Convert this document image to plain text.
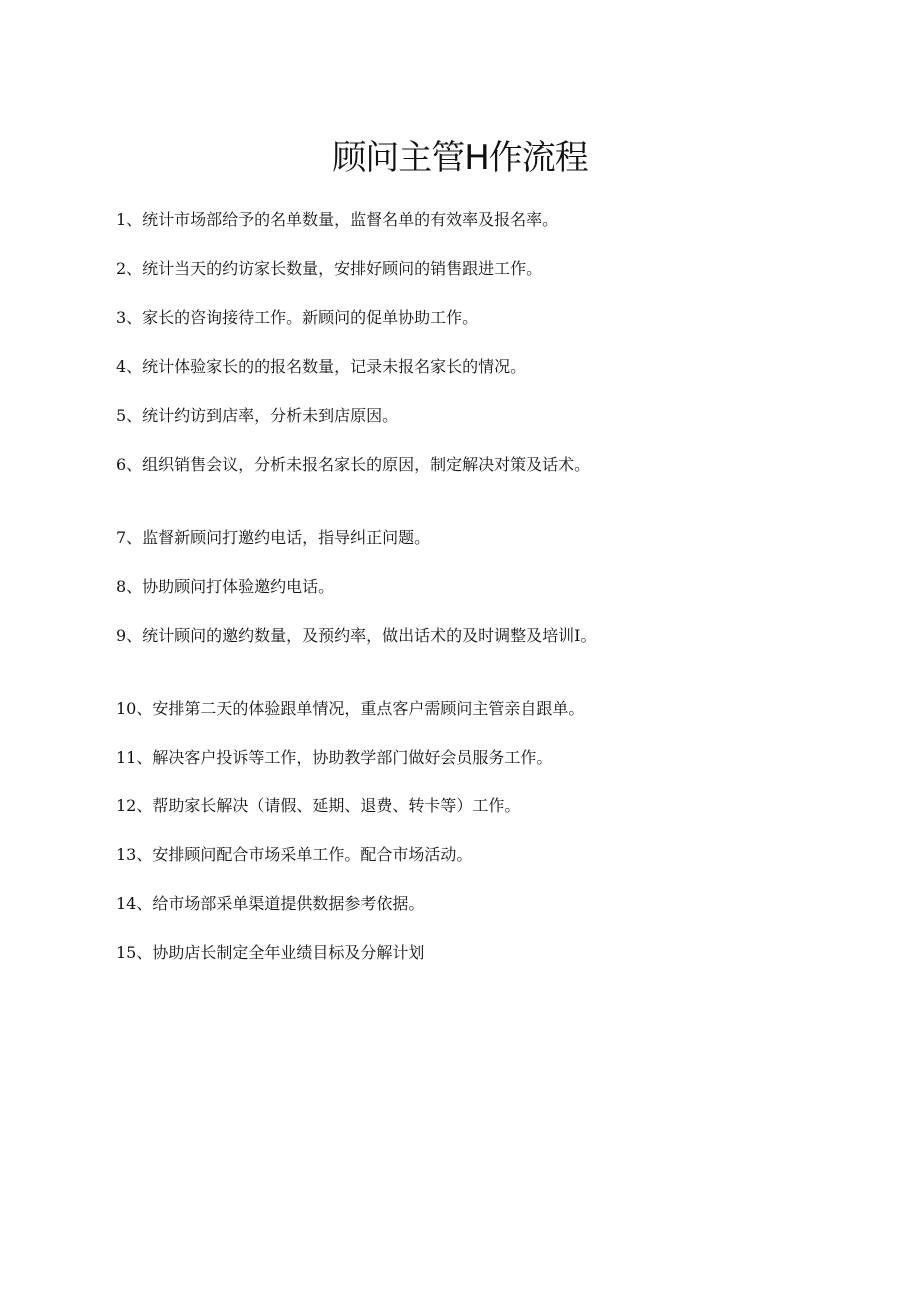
顾问主管H作流程

1、统计市场部给予的名单数量，监督名单的有效率及报名率。

2、统计当天的约访家长数量，安排好顾问的销售跟进工作。

3、家长的咨询接待工作。新顾问的促单协助工作。

4、统计体验家长的的报名数量，记录未报名家长的情况。

5、统计约访到店率，分析未到店原因。

6、组织销售会议，分析未报名家长的原因，制定解决对策及话术。

7、监督新顾问打邀约电话，指导纠正问题。

8、协助顾问打体验邀约电话。

9、统计顾问的邀约数量，及预约率，做出话术的及时调整及培训I。

10、安排第二天的体验跟单情况，重点客户需顾问主管亲自跟单。

11、解决客户投诉等工作，协助教学部门做好会员服务工作。

12、帮助家长解决（请假、延期、退费、转卡等）工作。

13、安排顾问配合市场采单工作。配合市场活动。

14、给市场部采单渠道提供数据参考依据。

15、协助店长制定全年业绩目标及分解计划
